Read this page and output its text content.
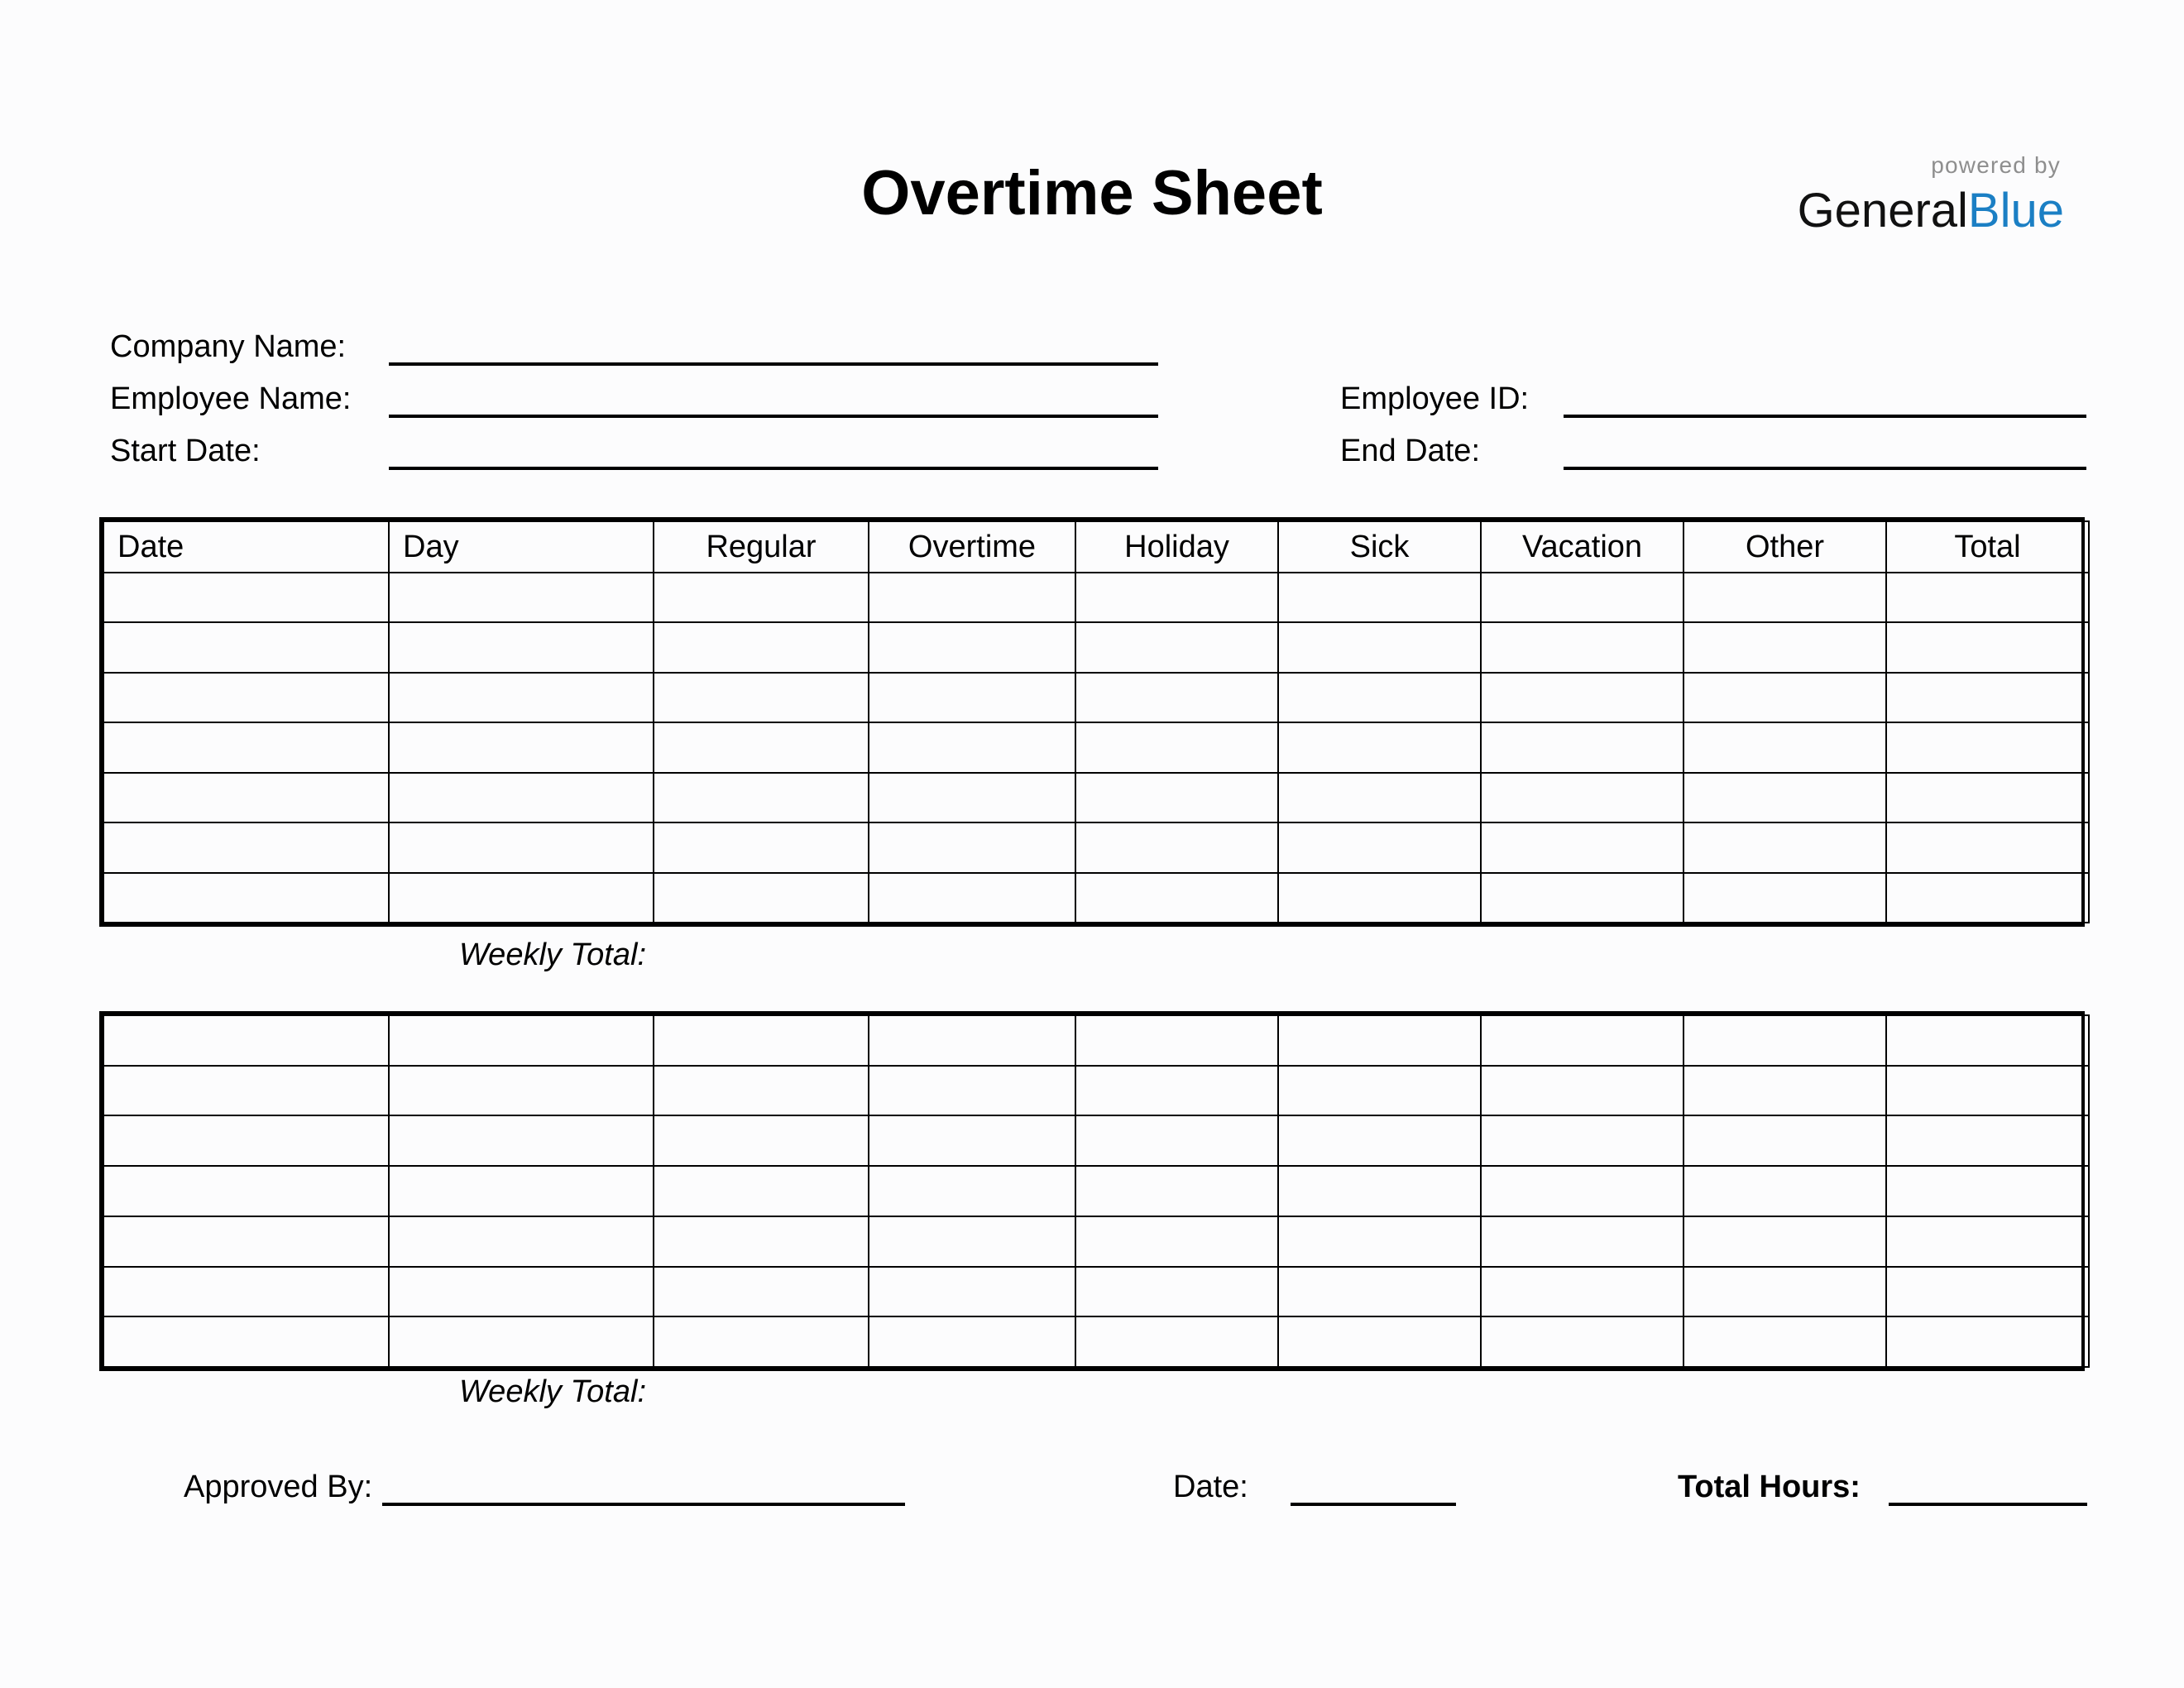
Overtime Sheet	powered by
GeneralBlue
Company Name:
Employee Name:
Start Date:
Employee ID:
End Date:
Date	Day	Regular	Overtime	Holiday	Sick	Vacation	Other	Total

Weekly Total:

Weekly Total:
Approved By:	Date:	Total Hours:
